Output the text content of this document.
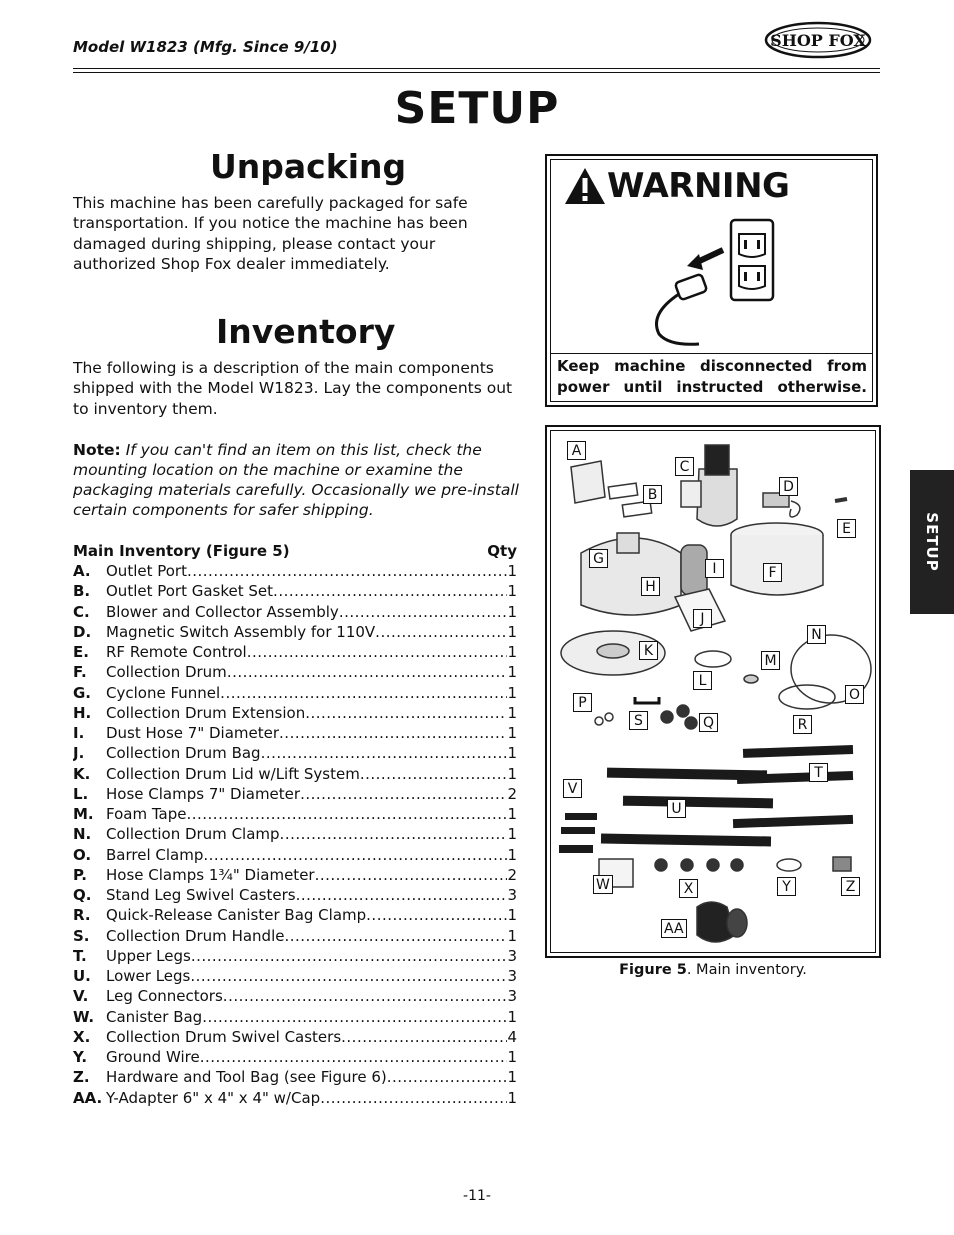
Model W1823 (Mfg. Since 9/10)	SHOP FOX
SETUP
Unpacking
This machine has been carefully packaged for safe transportation. If you notice the machine has been damaged during shipping, please contact your authorized Shop Fox dealer immediately.
Inventory
The following is a description of the main components shipped with the Model W1823. Lay the components out to inventory them.
Note: If you can't find an item on this list, check the mounting location on the machine or examine the packaging materials carefully. Occasionally we pre-install certain components for safer shipping.
Main Inventory (Figure 5)	Qty
A.	Outlet Port .....	1
B.	Outlet Port Gasket Set .....	1
C.	Blower and Collector Assembly .....	1
D. Magnetic Switch Assembly for 110V .....	1
E.	RF Remote Control .....	1
F.	Collection Drum .....	1
G. Cyclone Funnel .....	1
H. Collection Drum Extension .....	1
I.	Dust Hose 7" Diameter .....	1
J.	Collection Drum Bag .....	1
K.	Collection Drum Lid w/Lift System .....	1
L.	Hose Clamps 7" Diameter .....	2
M. Foam Tape .....	1
N. Collection Drum Clamp .....	1
O. Barrel Clamp .....	1
P.	Hose Clamps 1³⁄₄" Diameter .....	2
Q. Stand Leg Swivel Casters .....	3
R.	Quick-Release Canister Bag Clamp .....	1
S.	Collection Drum Handle .....	1
T.	Upper Legs .....	3
U.	Lower Legs .....	3
V.	Leg Connectors .....	3
W. Canister Bag .....	1
X.	Collection Drum Swivel Casters .....	4
Y.	Ground Wire .....	1
Z.	Hardware and Tool Bag (see Figure 6) .....	1
AA. Y-Adapter 6" x 4" x 4" w/Cap .....	1
WARNING
Keep machine disconnected from power until instructed otherwise.
A
B
C
D
E
F
G
H
I
J
K
L
M
N
O
P
Q	R
S
T
U
V
W	X	Y	Z
AA
Figure 5. Main inventory.
SETUP
-11-
